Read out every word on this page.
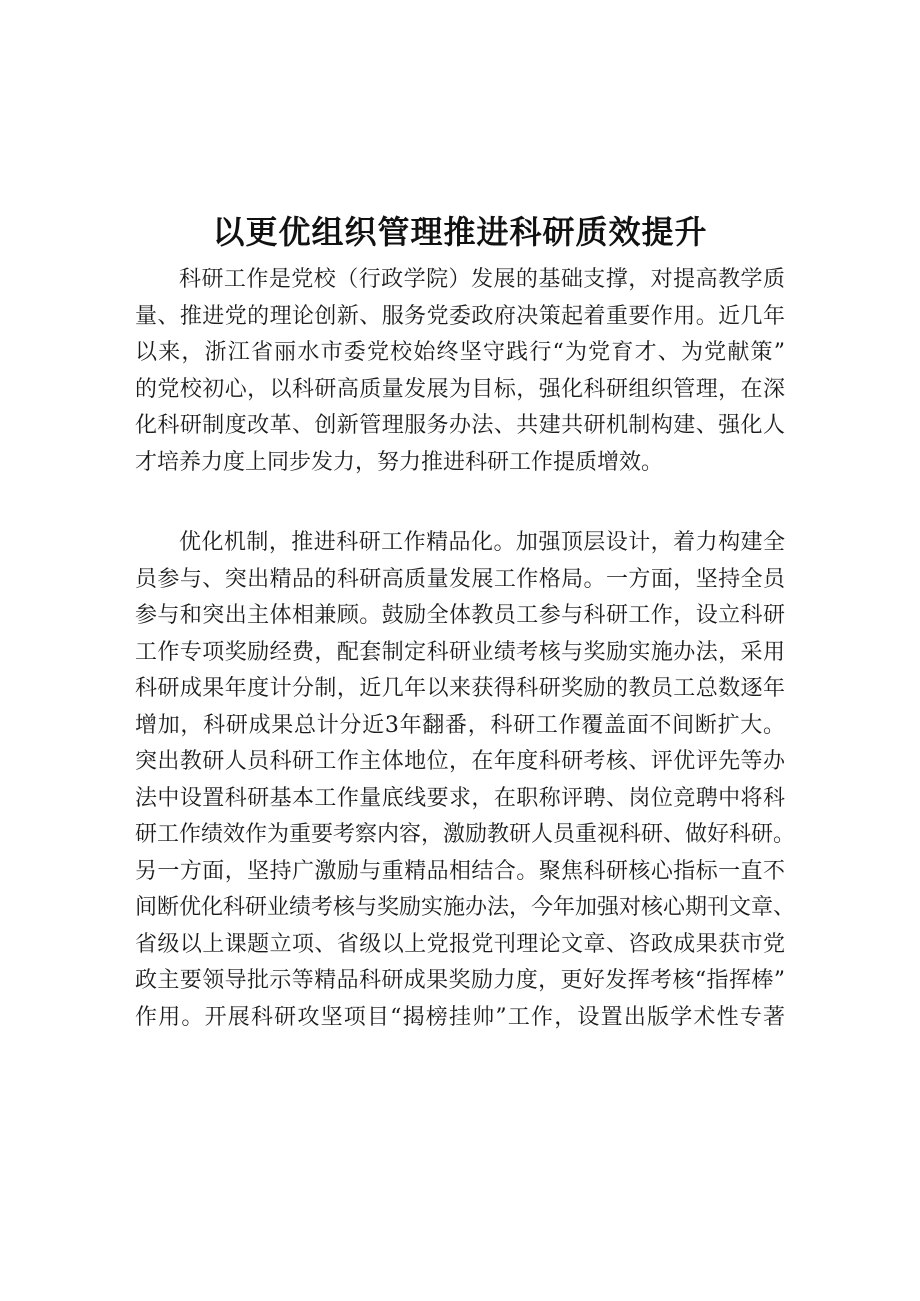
以更优组织管理推进科研质效提升
科研工作是党校（行政学院）发展的基础支撑，对提高教学质
量、推进党的理论创新、服务党委政府决策起着重要作用。近几年
以来，浙江省丽水市委党校始终坚守践行“为党育才、为党献策”
的党校初心，以科研高质量发展为目标，强化科研组织管理，在深
化科研制度改革、创新管理服务办法、共建共研机制构建、强化人
才培养力度上同步发力，努力推进科研工作提质增效。
优化机制，推进科研工作精品化。加强顶层设计，着力构建全
员参与、突出精品的科研高质量发展工作格局。一方面，坚持全员
参与和突出主体相兼顾。鼓励全体教员工参与科研工作，设立科研
工作专项奖励经费，配套制定科研业绩考核与奖励实施办法，采用
科研成果年度计分制，近几年以来获得科研奖励的教员工总数逐年
增加，科研成果总计分近3年翻番，科研工作覆盖面不间断扩大。
突出教研人员科研工作主体地位，在年度科研考核、评优评先等办
法中设置科研基本工作量底线要求，在职称评聘、岗位竞聘中将科
研工作绩效作为重要考察内容，激励教研人员重视科研、做好科研。
另一方面，坚持广激励与重精品相结合。聚焦科研核心指标一直不
间断优化科研业绩考核与奖励实施办法，今年加强对核心期刊文章、
省级以上课题立项、省级以上党报党刊理论文章、咨政成果获市党
政主要领导批示等精品科研成果奖励力度，更好发挥考核“指挥棒”
作用。开展科研攻坚项目“揭榜挂帅”工作，设置出版学术性专著
